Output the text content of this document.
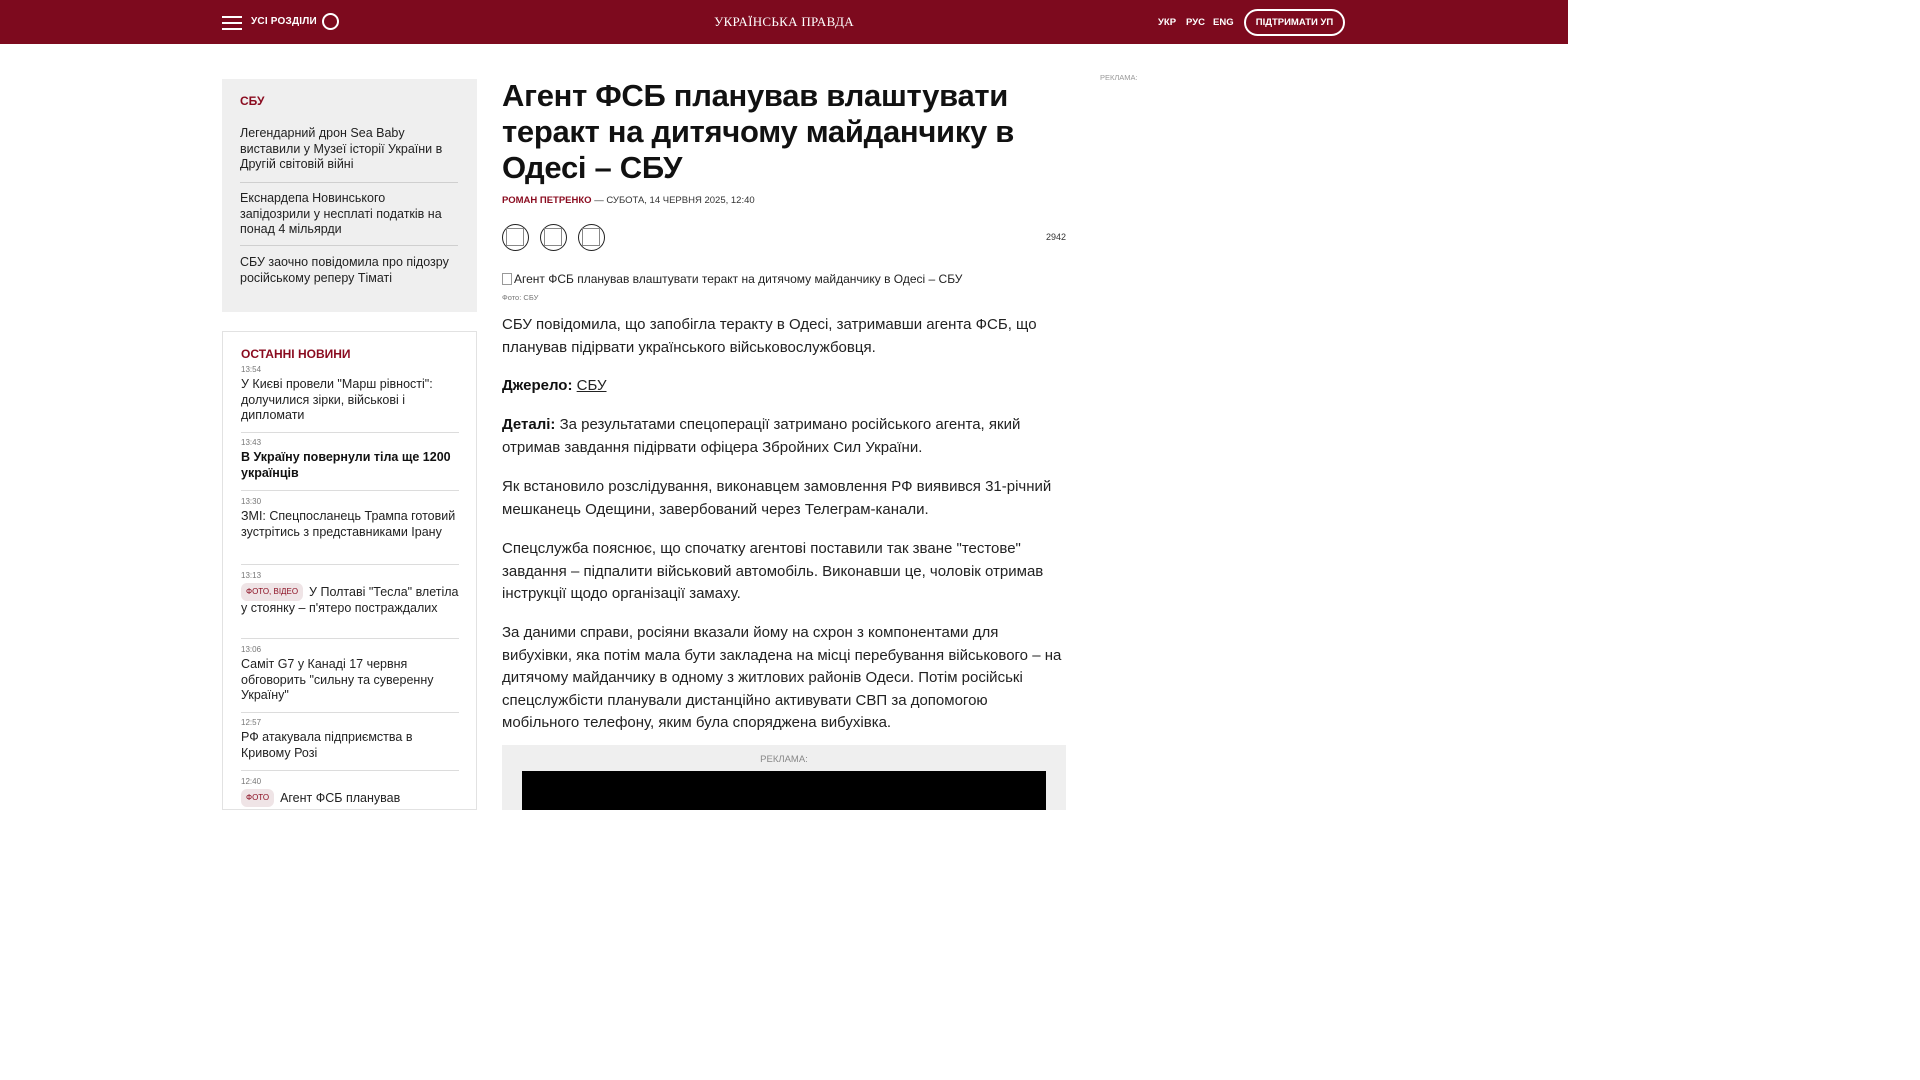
УСІ РОЗДІЛИ	УКРАЇНСЬКА ПРАВДА	УКР РУС ENG	ПІДТРИМАТИ УП
СБУ
Легендарний дрон Sea Baby виставили у Музеї історії України в Другій світовій війні
Екснардепа Новинського запідозрили у несплаті податків на понад 4 мільярди
СБУ заочно повідомила про підозру російському реперу Тіматі
ОСТАННІ НОВИНИ
13:54
У Києві провели "Марш рівності": долучилися зірки, військові і дипломати
13:43
В Україну повернули тіла ще 1200 українців
13:30
ЗМІ: Спецпосланець Трампа готовий зустрітись з представниками Ірану
13:13
ФОТО, ВІДЕО У Полтаві "Тесла" влетіла у стоянку – п'ятеро постраждалих
13:06
Саміт G7 у Канаді 17 червня обговорить "сильну та суверенну Україну"
12:57
РФ атакувала підприємства в Кривому Розі
12:40
ФОТО Агент ФСБ планував
Агент ФСБ планував влаштувати теракт на дитячому майданчику в Одесі – СБУ
РОМАН ПЕТРЕНКО — СУБОТА, 14 ЧЕРВНЯ 2025, 12:40
2942
Агент ФСБ планував влаштувати теракт на дитячому майданчику в Одесі – СБУ
Фото: СБУ

СБУ повідомила, що запобігла теракту в Одесі, затримавши агента ФСБ, що планував підірвати українського військовослужбовця.

Джерело: СБУ

Деталі: За результатами спецоперації затримано російського агента, який отримав завдання підірвати офіцера Збройних Сил України.

Як встановило розслідування, виконавцем замовлення РФ виявився 31-річний мешканець Одещини, завербований через Телеграм-канали.

Спецслужба пояснює, що спочатку агентові поставили так зване "тестове" завдання – підпалити військовий автомобіль. Виконавши це, чоловік отримав інструкції щодо організації замаху.

За даними справи, росіяни вказали йому на схрон з компонентами для вибухівки, яка потім мала бути закладена на місці перебування військового – на дитячому майданчику в одному з житлових районів Одеси. Потім російські спецслужбісти планували дистанційно активувати СВП за допомогою мобільного телефону, яким була споряджена вибухівка.

РЕКЛАМА:
РЕКЛАМА:
